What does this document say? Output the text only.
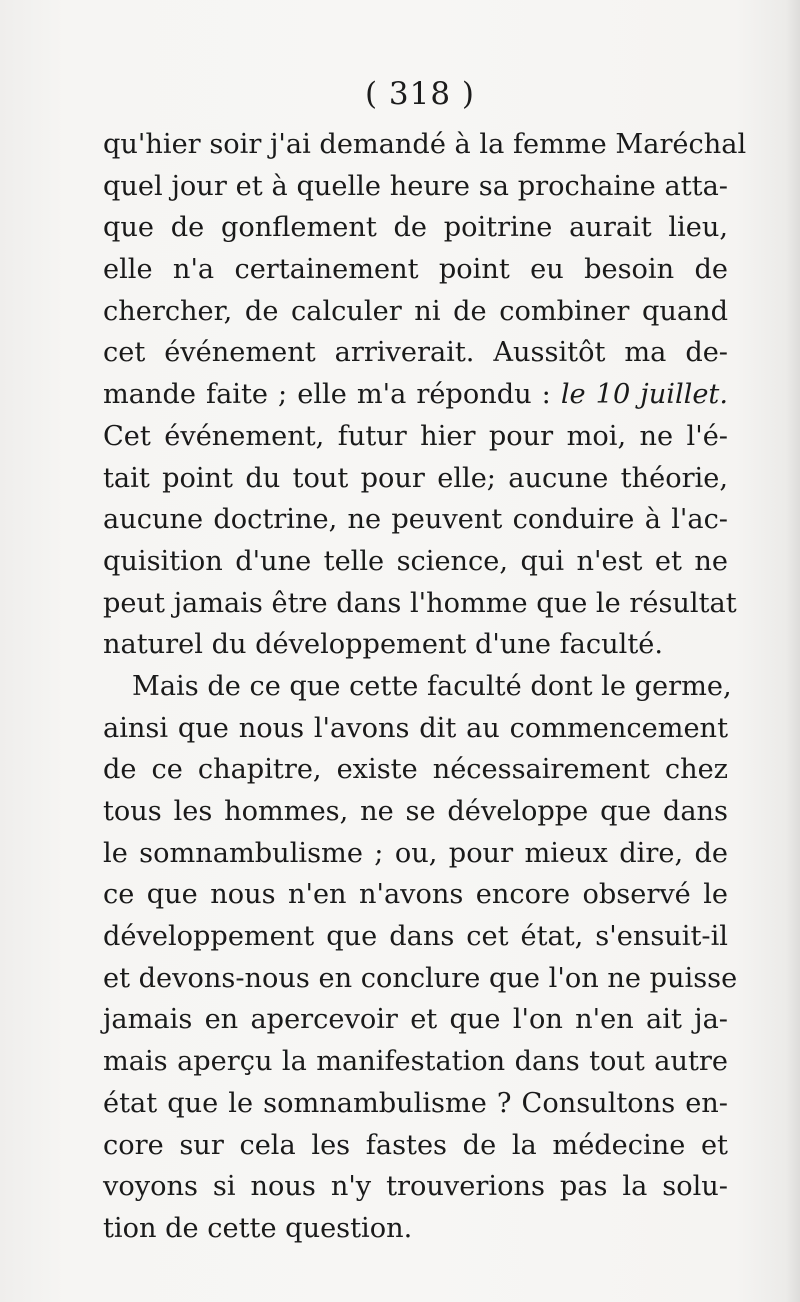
( 318 )
qu'hier soir j'ai demandé à la femme Maréchal
quel jour et à quelle heure sa prochaine atta-
que de gonflement de poitrine aurait lieu,
elle n'a certainement point eu besoin de
chercher, de calculer ni de combiner quand
cet événement arriverait. Aussitôt ma de-
mande faite ; elle m'a répondu : le 10 juillet.
Cet événement, futur hier pour moi, ne l'é-
tait point du tout pour elle; aucune théorie,
aucune doctrine, ne peuvent conduire à l'ac-
quisition d'une telle science, qui n'est et ne
peut jamais être dans l'homme que le résultat
naturel du développement d'une faculté.
Mais de ce que cette faculté dont le germe,
ainsi que nous l'avons dit au commencement
de ce chapitre, existe nécessairement chez
tous les hommes, ne se développe que dans
le somnambulisme ; ou, pour mieux dire, de
ce que nous n'en n'avons encore observé le
développement que dans cet état, s'ensuit-il
et devons-nous en conclure que l'on ne puisse
jamais en apercevoir et que l'on n'en ait ja-
mais aperçu la manifestation dans tout autre
état que le somnambulisme ? Consultons en-
core sur cela les fastes de la médecine et
voyons si nous n'y trouverions pas la solu-
tion de cette question.
